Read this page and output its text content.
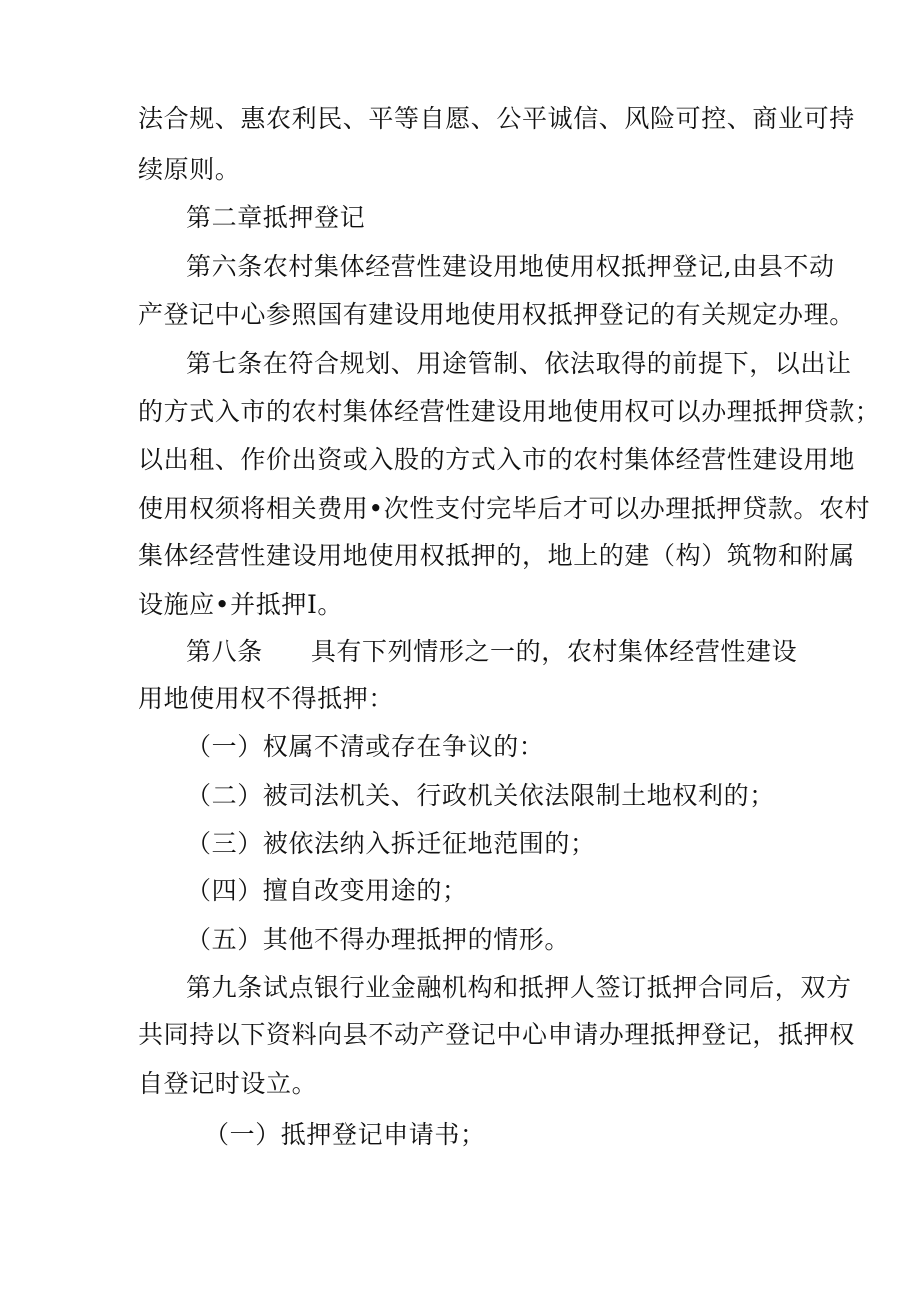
法合规、惠农利民、平等自愿、公平诚信、风险可控、商业可持
续原则。
第二章抵押登记
第六条农村集体经营性建设用地使用权抵押登记,由县不动
产登记中心参照国有建设用地使用权抵押登记的有关规定办理。
第七条在符合规划、用途管制、依法取得的前提下，以出让
的方式入市的农村集体经营性建设用地使用权可以办理抵押贷款；
以出租、作价出资或入股的方式入市的农村集体经营性建设用地
使用权须将相关费用•次性支付完毕后才可以办理抵押贷款。农村
集体经营性建设用地使用权抵押的，地上的建（构）筑物和附属
设施应•并抵押I。
第八条 具有下列情形之一的，农村集体经营性建设
用地使用权不得抵押：
（一）权属不清或存在争议的：
（二）被司法机关、行政机关依法限制土地权利的；
（三）被依法纳入拆迁征地范围的；
（四）擅自改变用途的；
（五）其他不得办理抵押的情形。
第九条试点银行业金融机构和抵押人签订抵押合同后，双方
共同持以下资料向县不动产登记中心申请办理抵押登记，抵押权
自登记时设立。
（一）抵押登记申请书；
